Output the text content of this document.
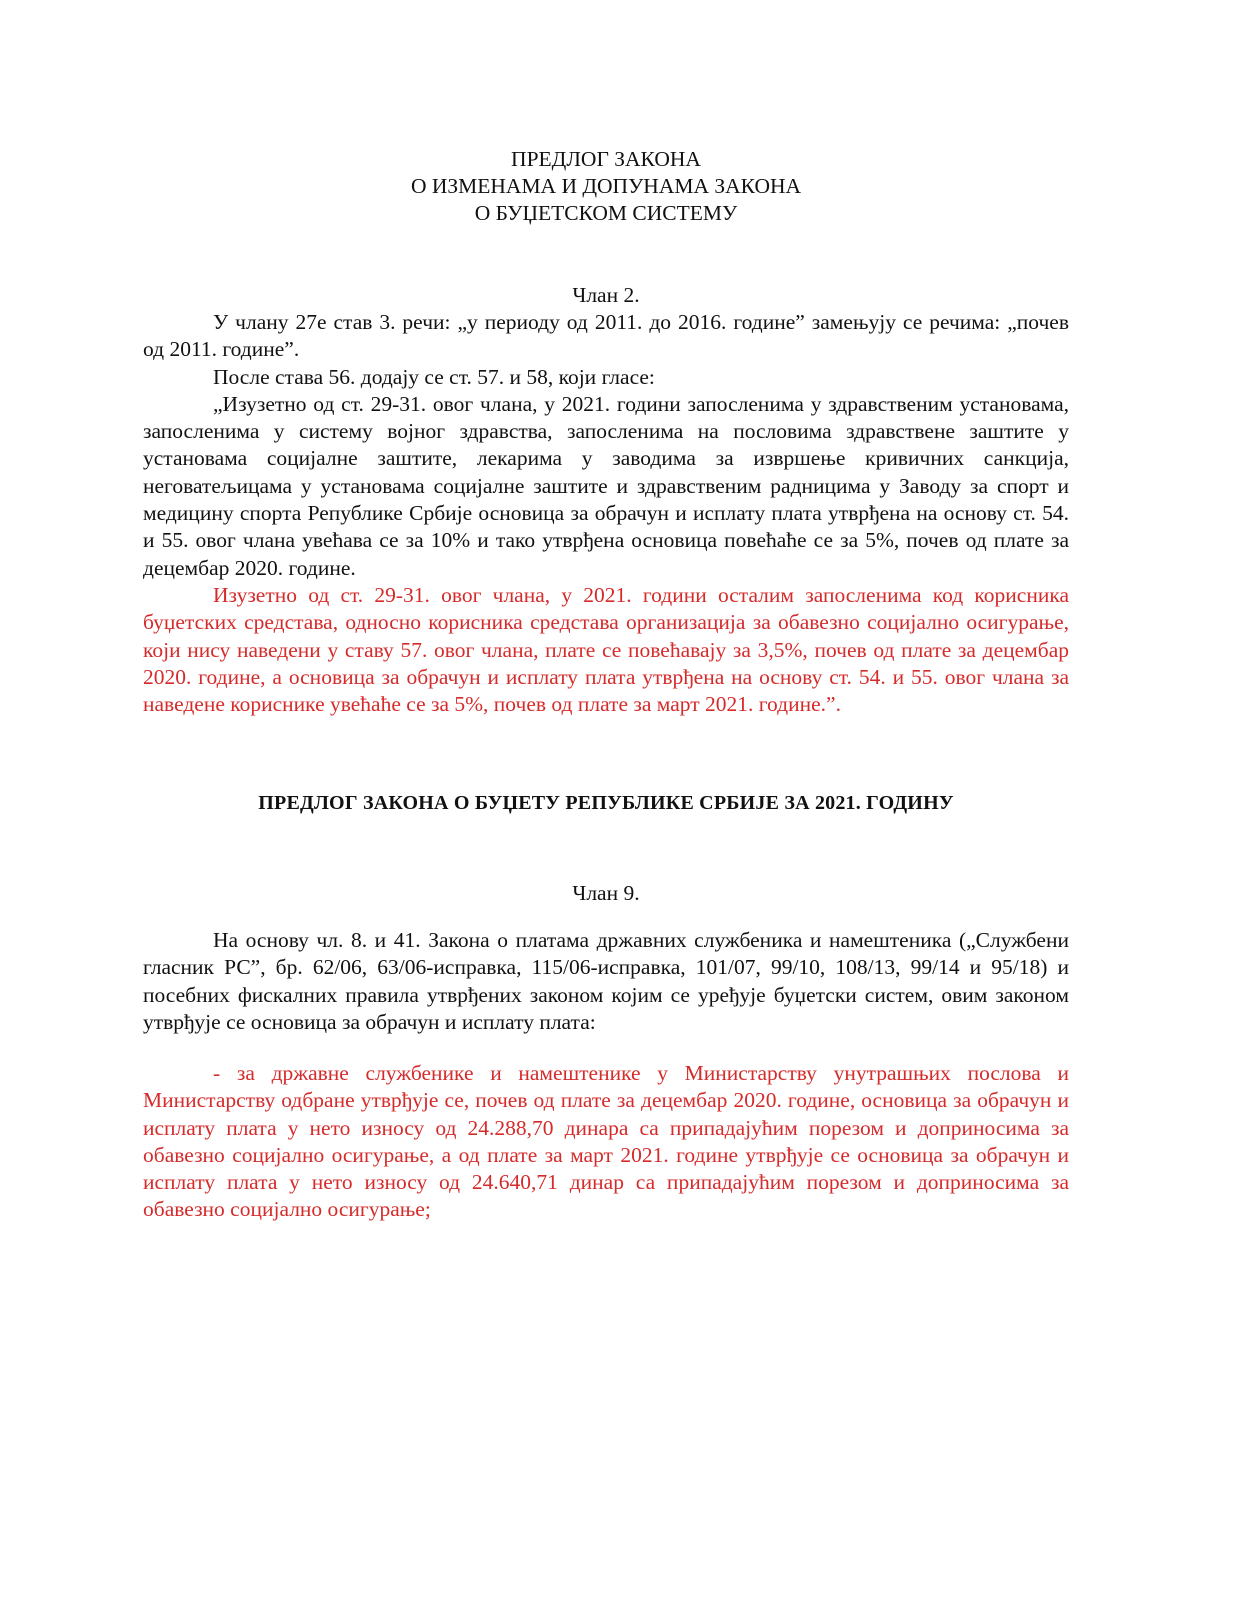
ПРЕДЛОГ ЗАКОНА
О ИЗМЕНАМА И ДОПУНАМА ЗАКОНА
О БУЏЕТСКОМ СИСТЕМУ
Члан 2.

У члану 27е став 3. речи: „у периоду од 2011. до 2016. године” замењују се речима: „почев од 2011. године”.

После става 56. додају се ст. 57. и 58, који гласе:

„Изузетно од ст. 29-31. овог члана, у 2021. години запосленима у здравственим установама, запосленима у систему војног здравства, запосленима на пословима здравствене заштите у установама социјалне заштите, лекарима у заводима за извршење кривичних санкција, неговатељицама у установама социјалне заштите и здравственим радницима у Заводу за спорт и медицину спорта Републике Србије основица за обрачун и исплату плата утврђена на основу ст. 54. и 55. овог члана увећава се за 10% и тако утврђена основица повећаће се за 5%, почев од плате за децембар 2020. године.

Изузетно од ст. 29-31. овог члана, у 2021. години осталим запосленима код корисника буџетских средстава, односно корисника средстава организација за обавезно социјално осигурање, који нису наведени у ставу 57. овог члана, плате се повећавају за 3,5%, почев од плате за децембар 2020. године, а основица за обрачун и исплату плата утврђена на основу ст. 54. и 55. овог члана за наведене кориснике увећаће се за 5%, почев од плате за март 2021. године.”.

ПРЕДЛОГ ЗАКОНА О БУЏЕТУ РЕПУБЛИКЕ СРБИЈЕ ЗА 2021. ГОДИНУ
Члан 9.

На основу чл. 8. и 41. Закона о платама државних службеника и намештеника („Службени гласник РС”, бр. 62/06, 63/06-исправка, 115/06-исправка, 101/07, 99/10, 108/13, 99/14 и 95/18) и посебних фискалних правила утврђених законом којим се уређује буџетски систем, овим законом утврђује се основица за обрачун и исплату плата:

- за државне службенике и намештенике у Министарству унутрашњих послова и Министарству одбране утврђује се, почев од плате за децембар 2020. године, основица за обрачун и исплату плата у нето износу од 24.288,70 динара са припадајућим порезом и доприносима за обавезно социјално осигурање, а од плате за март 2021. године утврђује се основица за обрачун и исплату плата у нето износу од 24.640,71 динар са припадајућим порезом и доприносима за обавезно социјално осигурање;
